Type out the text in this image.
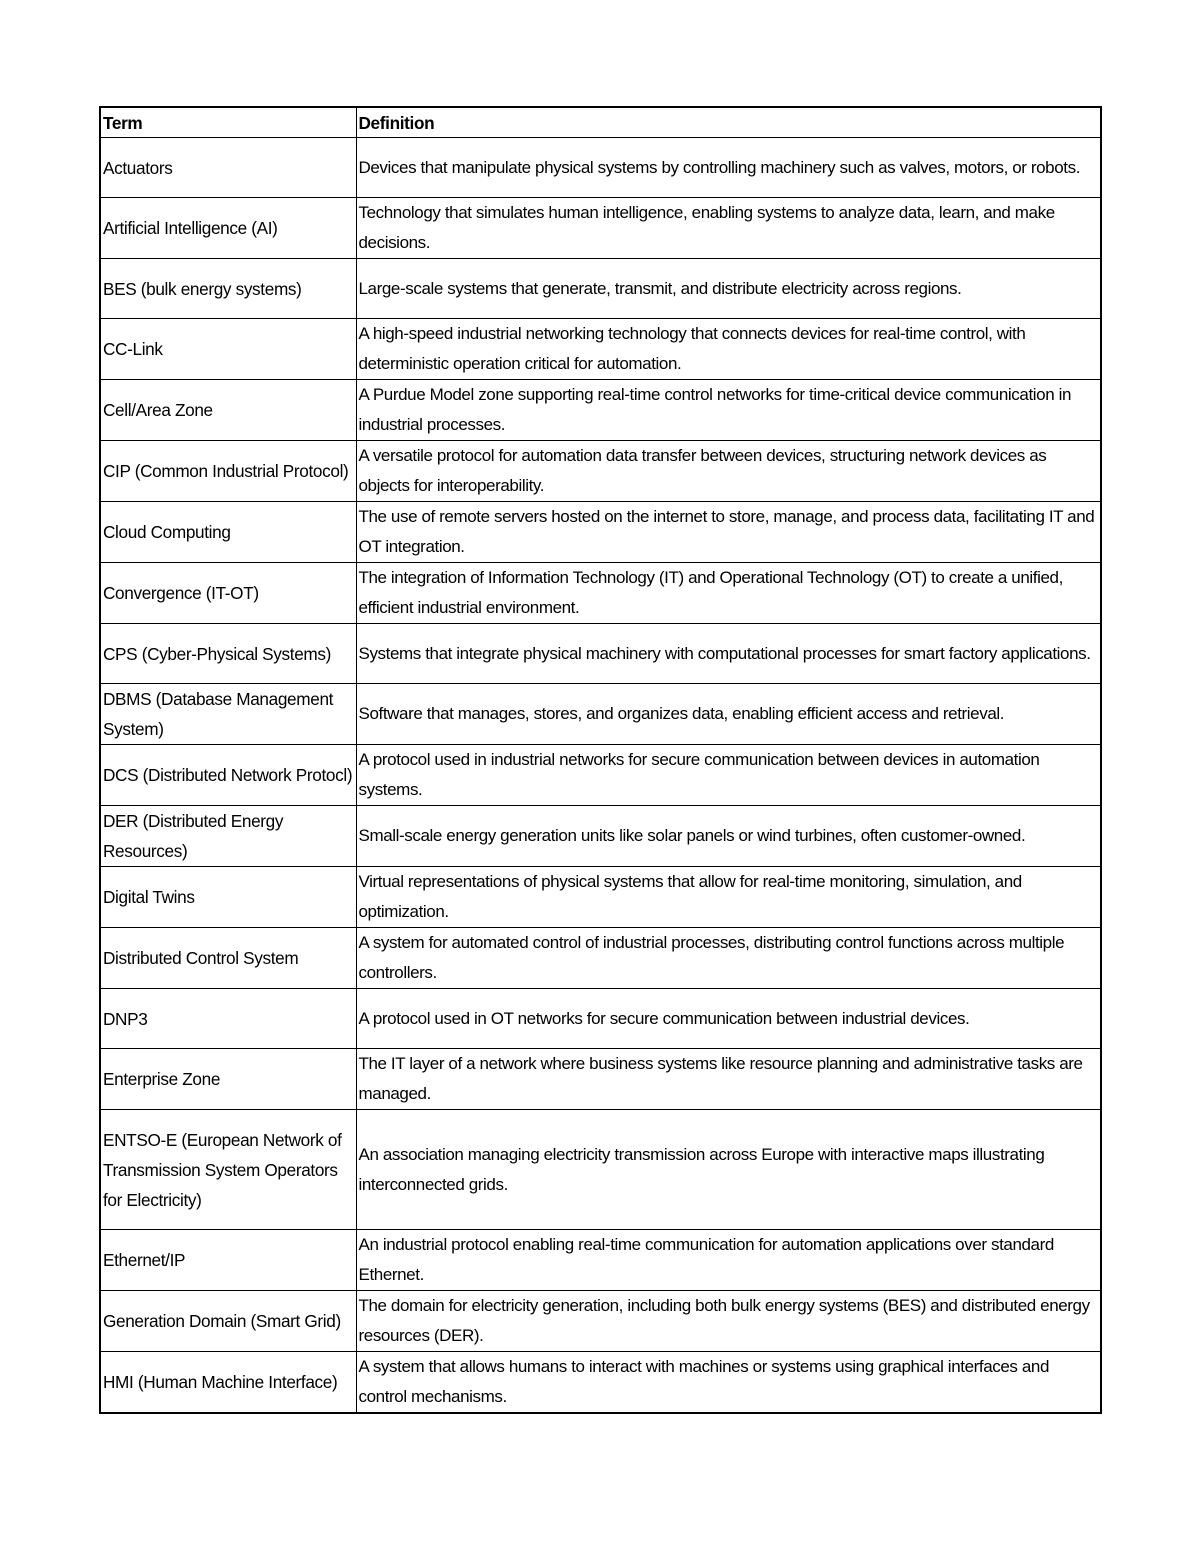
Term	Definition
Actuators	Devices that manipulate physical systems by controlling machinery such as valves, motors, or robots.
Artificial Intelligence (AI)	Technology that simulates human intelligence, enabling systems to analyze data, learn, and make decisions.
BES (bulk energy systems)	Large-scale systems that generate, transmit, and distribute electricity across regions.
CC-Link	A high-speed industrial networking technology that connects devices for real-time control, with deterministic operation critical for automation.
Cell/Area Zone	A Purdue Model zone supporting real-time control networks for time-critical device communication in industrial processes.
CIP (Common Industrial Protocol)	A versatile protocol for automation data transfer between devices, structuring network devices as objects for interoperability.
Cloud Computing	The use of remote servers hosted on the internet to store, manage, and process data, facilitating IT and OT integration.
Convergence (IT-OT)	The integration of Information Technology (IT) and Operational Technology (OT) to create a unified, efficient industrial environment.
CPS (Cyber-Physical Systems)	Systems that integrate physical machinery with computational processes for smart factory applications.
DBMS (Database Management System)	Software that manages, stores, and organizes data, enabling efficient access and retrieval.
DCS (Distributed Network Protocl)	A protocol used in industrial networks for secure communication between devices in automation systems.
DER (Distributed Energy Resources)	Small-scale energy generation units like solar panels or wind turbines, often customer-owned.
Digital Twins	Virtual representations of physical systems that allow for real-time monitoring, simulation, and optimization.
Distributed Control System	A system for automated control of industrial processes, distributing control functions across multiple controllers.
DNP3	A protocol used in OT networks for secure communication between industrial devices.
Enterprise Zone	The IT layer of a network where business systems like resource planning and administrative tasks are managed.
ENTSO-E (European Network of Transmission System Operators for Electricity)	An association managing electricity transmission across Europe with interactive maps illustrating interconnected grids.
Ethernet/IP	An industrial protocol enabling real-time communication for automation applications over standard Ethernet.
Generation Domain (Smart Grid)	The domain for electricity generation, including both bulk energy systems (BES) and distributed energy resources (DER).
HMI (Human Machine Interface)	A system that allows humans to interact with machines or systems using graphical interfaces and control mechanisms.
